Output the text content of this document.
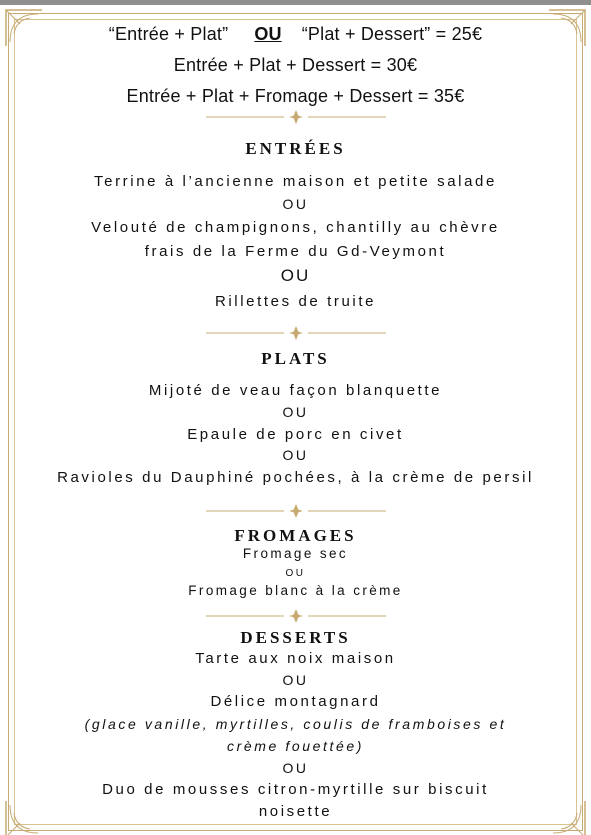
“Entrée + Plat” OU “Plat + Dessert” = 25€
Entrée + Plat + Dessert = 30€
Entrée + Plat + Fromage + Dessert = 35€
ENTRÉES
Terrine à l’ancienne maison et petite salade
OU
Velouté de champignons, chantilly au chèvre
frais de la Ferme du Gd-Veymont
OU
Rillettes de truite
PLATS
Mijoté de veau façon blanquette
OU
Epaule de porc en civet
OU
Ravioles du Dauphiné pochées, à la crème de persil
FROMAGES
Fromage sec
OU
Fromage blanc à la crème
DESSERTS
Tarte aux noix maison
OU
Délice montagnard
(glace vanille, myrtilles, coulis de framboises et
crème fouettée)
OU
Duo de mousses citron-myrtille sur biscuit
noisette
